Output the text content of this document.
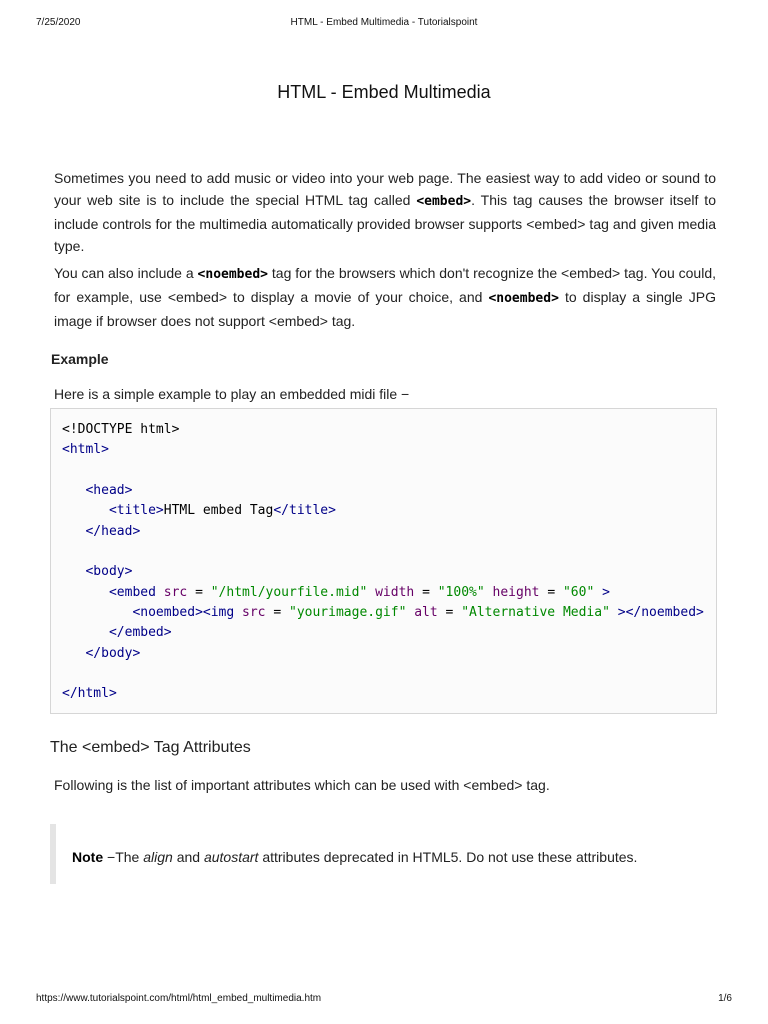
7/25/2020	HTML - Embed Multimedia - Tutorialspoint
HTML - Embed Multimedia

Sometimes you need to add music or video into your web page. The easiest way to add video or sound to your web site is to include the special HTML tag called <embed>. This tag causes the browser itself to include controls for the multimedia automatically provided browser supports <embed> tag and given media type.

You can also include a <noembed> tag for the browsers which don't recognize the <embed> tag. You could, for example, use <embed> to display a movie of your choice, and <noembed> to display a single JPG image if browser does not support <embed> tag.

Example
Here is a simple example to play an embedded midi file −
<!DOCTYPE html>
<html>
<head>
<title>HTML embed Tag</title>
</head>
<body>
<embed src = "/html/yourfile.mid" width = "100%" height = "60" >
<noembed><img src = "yourimage.gif" alt = "Alternative Media" ></noembed>
</embed>
</body>
</html>
The <embed> Tag Attributes
Following is the list of important attributes which can be used with <embed> tag.
Note −The align and autostart attributes deprecated in HTML5. Do not use these attributes.
https://www.tutorialspoint.com/html/html_embed_multimedia.htm	1/6
